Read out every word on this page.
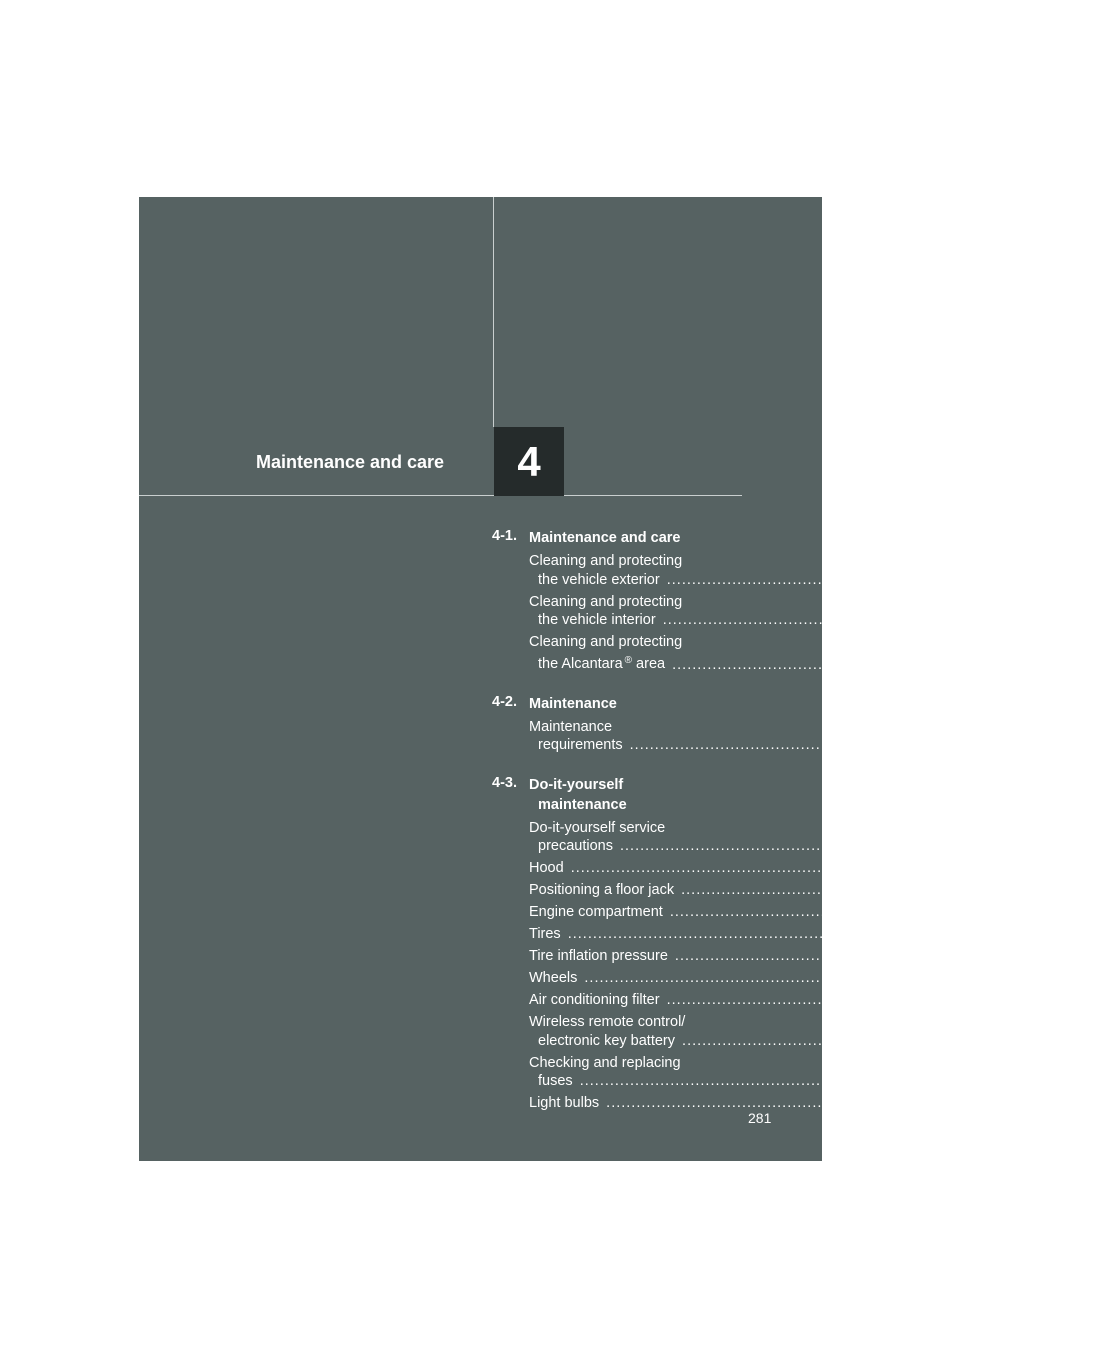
Maintenance and care 4
4-1. Maintenance and care
Cleaning and protecting
the vehicle exterior ................................................................................ 282
Cleaning and protecting
the vehicle interior ................................................................................ 286
Cleaning and protecting
the Alcantara ® area ................................................................................ 290
4-2. Maintenance
Maintenance
requirements ................................................................................ 292
4-3. Do-it-yourself
maintenance
Do-it-yourself service
precautions ................................................................................ 295
Hood ................................................................................ 298
Positioning a floor jack ................................................................................ 300
Engine compartment ................................................................................ 302
Tires ................................................................................ 315
Tire inflation pressure ................................................................................ 324
Wheels ................................................................................ 326
Air conditioning filter ................................................................................ 329
Wireless remote control/
electronic key battery ................................................................................ 332
Checking and replacing
fuses ................................................................................ 336
Light bulbs ................................................................................ 344
281
